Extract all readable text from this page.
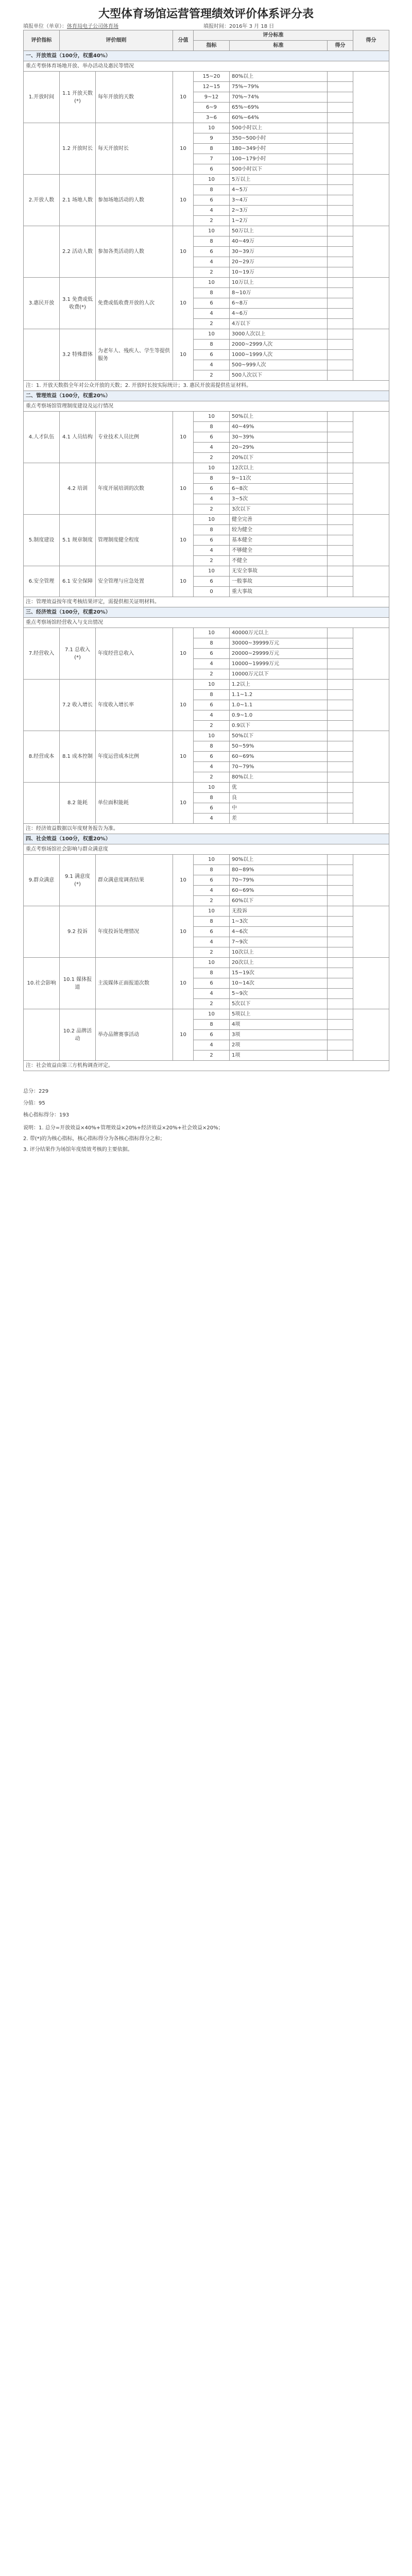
大型体育场馆运营管理绩效评价体系评分表
填报单位（单章）：体育局电子公司体育场	填报时间：2016年 3 月 18 日
评价指标	评价细则		分值	评分标准			得分
				指标	标准	得分	
一、开放效益（100分，权重40%）							
重点考察体育场地开放、举办活动及惠民等情况							
1.开放时间	1.1 开放天数(*)	每年开放的天数	10	15~20	80%以上		
				12~15	75%~79%		
				9~12	70%~74%		
				6~9	65%~69%		
				3~6	60%~64%		
	1.2 开放时长	每天开放时长	10	10	500小时以上		
				9	350~500小时		
				8	180~349小时		
				7	100~179小时		
				6	500小时以下		
2.开放人数	2.1 场地人数	参加场地活动的人数	10	10	5万以上		
				8	4~5万		
				6	3~4万		
				4	2~3万		
				2	1~2万		
	2.2 活动人数	参加各类活动的人数	10	10	50万以上		
				8	40~49万		
				6	30~39万		
				4	20~29万		
				2	10~19万		
3.惠民开放	3.1 免费或低收费(*)	免费或低收费开放的人次	10	10	10万以上		
				8	8~10万		
				6	6~8万		
				4	4~6万		
				2	4万以下		
	3.2 特殊群体	为老年人、残疾人、学生等提供服务	10	10	3000人次以上		
				8	2000~2999人次		
				6	1000~1999人次		
				4	500~999人次		
				2	500人次以下		
注：1. 开放天数指全年对公众开放的天数；2. 开放时长按实际统计；3. 惠民开放需提供佐证材料。							
二、管理效益（100分，权重20%）							
重点考察场馆管理制度建设及运行情况							
4.人才队伍	4.1 人员结构	专业技术人员比例	10	10	50%以上		
				8	40~49%		
				6	30~39%		
				4	20~29%		
				2	20%以下		
	4.2 培训	年度开展培训的次数	10	10	12次以上		
				8	9~11次		
				6	6~8次		
				4	3~5次		
				2	3次以下		
5.制度建设	5.1 规章制度	管理制度健全程度	10	10	健全完善		
				8	较为健全		
				6	基本健全		
				4	不够健全		
				2	不健全		
6.安全管理	6.1 安全保障	安全管理与应急处置	10	10	无安全事故		
				6	一般事故		
				0	重大事故		
注：管理效益按年度考核结果评定，需提供相关证明材料。							
三、经济效益（100分，权重20%）							
重点考察场馆经营收入与支出情况							
7.经营收入	7.1 总收入(*)	年度经营总收入	10	10	40000万元以上		
				8	30000~39999万元		
				6	20000~29999万元		
				4	10000~19999万元		
				2	10000万元以下		
	7.2 收入增长	年度收入增长率	10	10	1.2以上		
				8	1.1~1.2		
				6	1.0~1.1		
				4	0.9~1.0		
				2	0.9以下		
8.经营成本	8.1 成本控制	年度运营成本比例	10	10	50%以下		
				8	50~59%		
				6	60~69%		
				4	70~79%		
				2	80%以上		
	8.2 能耗	单位面积能耗	10	10	优		
				8	良		
				6	中		
				4	差		
注：经济效益数据以年度财务报告为准。							
四、社会效益（100分，权重20%）							
重点考察场馆社会影响与群众满意度							
9.群众满意	9.1 满意度(*)	群众满意度调查结果	10	10	90%以上		
				8	80~89%		
				6	70~79%		
				4	60~69%		
				2	60%以下		
	9.2 投诉	年度投诉处理情况	10	10	无投诉		
				8	1~3次		
				6	4~6次		
				4	7~9次		
				2	10次以上		
10.社会影响	10.1 媒体报道	主流媒体正面报道次数	10	10	20次以上		
				8	15~19次		
				6	10~14次		
				4	5~9次		
				2	5次以下		
	10.2 品牌活动	举办品牌赛事活动	10	10	5项以上		
				8	4项		
				6	3项		
				4	2项		
				2	1项		
注：社会效益由第三方机构调查评定。							
总分：229
分值：95
核心指标得分：193
说明：1. 总分=开放效益×40%+管理效益×20%+经济效益×20%+社会效益×20%；
2. 带(*)的为核心指标，核心指标得分为各核心指标得分之和；
3. 评分结果作为场馆年度绩效考核的主要依据。
